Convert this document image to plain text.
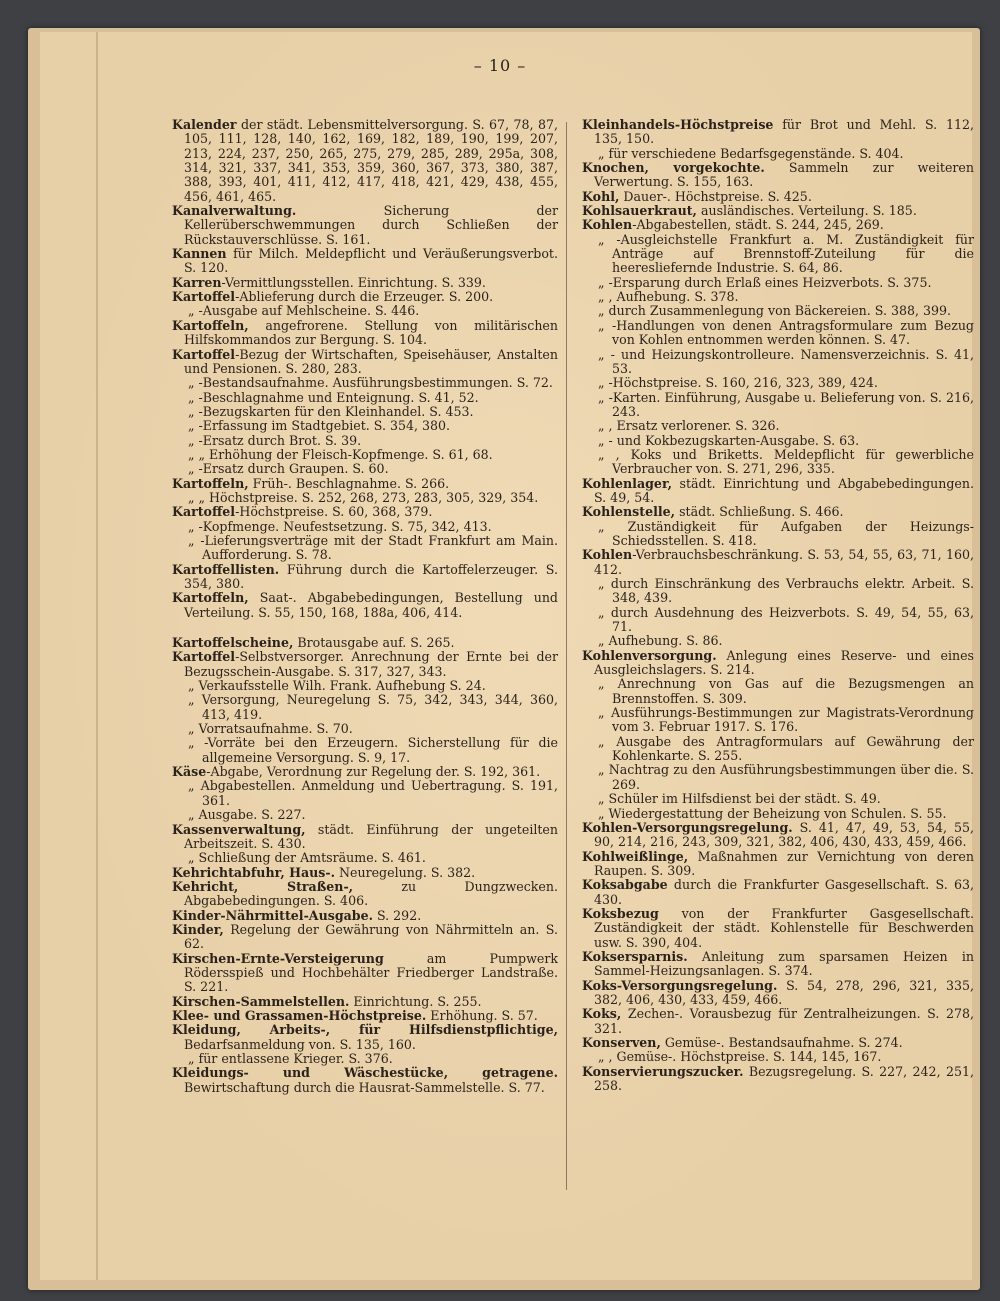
– 10 –
Kalender der städt. Lebensmittelversorgung. S. 67, 78, 87, 105, 111, 128, 140, 162, 169, 182, 189, 190, 199, 207, 213, 224, 237, 250, 265, 275, 279, 285, 289, 295a, 308, 314, 321, 337, 341, 353, 359, 360, 367, 373, 380, 387, 388, 393, 401, 411, 412, 417, 418, 421, 429, 438, 455, 456, 461, 465.
Kanalverwaltung. Sicherung der Kellerüberschwemmungen durch Schließen der Rückstauverschlüsse. S. 161.
Kannen für Milch. Meldepflicht und Veräußerungsverbot. S. 120.
Karren-Vermittlungsstellen. Einrichtung. S. 339.
Kartoffel-Ablieferung durch die Erzeuger. S. 200.
„ -Ausgabe auf Mehlscheine. S. 446.
Kartoffeln, angefrorene. Stellung von militärischen Hilfskommandos zur Bergung. S. 104.
Kartoffel-Bezug der Wirtschaften, Speisehäuser, Anstalten und Pensionen. S. 280, 283.
„ -Bestandsaufnahme. Ausführungsbestimmungen. S. 72.
„ -Beschlagnahme und Enteignung. S. 41, 52.
„ -Bezugskarten für den Kleinhandel. S. 453.
„ -Erfassung im Stadtgebiet. S. 354, 380.
„ -Ersatz durch Brot. S. 39.
„ „ Erhöhung der Fleisch-Kopfmenge. S. 61, 68.
„ -Ersatz durch Graupen. S. 60.
Kartoffeln, Früh-. Beschlagnahme. S. 266.
„ „ Höchstpreise. S. 252, 268, 273, 283, 305, 329, 354.
Kartoffel-Höchstpreise. S. 60, 368, 379.
„ -Kopfmenge. Neufestsetzung. S. 75, 342, 413.
„ -Lieferungsverträge mit der Stadt Frankfurt am Main. Aufforderung. S. 78.
Kartoffellisten. Führung durch die Kartoffelerzeuger. S. 354, 380.
Kartoffeln, Saat-. Abgabebedingungen, Bestellung und Verteilung. S. 55, 150, 168, 188a, 406, 414.
Kartoffelscheine, Brotausgabe auf. S. 265.
Kartoffel-Selbstversorger. Anrechnung der Ernte bei der Bezugsschein-Ausgabe. S. 317, 327, 343.
„ Verkaufsstelle Wilh. Frank. Aufhebung S. 24.
„ Versorgung, Neuregelung S. 75, 342, 343, 344, 360, 413, 419.
„ Vorratsaufnahme. S. 70.
„ -Vorräte bei den Erzeugern. Sicherstellung für die allgemeine Versorgung. S. 9, 17.
Käse-Abgabe, Verordnung zur Regelung der. S. 192, 361.
„ Abgabestellen. Anmeldung und Uebertragung. S. 191, 361.
„ Ausgabe. S. 227.
Kassenverwaltung, städt. Einführung der ungeteilten Arbeitszeit. S. 430.
„ Schließung der Amtsräume. S. 461.
Kehrichtabfuhr, Haus-. Neuregelung. S. 382.
Kehricht, Straßen-, zu Dungzwecken. Abgabebedingungen. S. 406.
Kinder-Nährmittel-Ausgabe. S. 292.
Kinder, Regelung der Gewährung von Nährmitteln an. S. 62.
Kirschen-Ernte-Versteigerung am Pumpwerk Rödersspieß und Hochbehälter Friedberger Landstraße. S. 221.
Kirschen-Sammelstellen. Einrichtung. S. 255.
Klee- und Grassamen-Höchstpreise. Erhöhung. S. 57.
Kleidung, Arbeits-, für Hilfsdienstpflichtige, Bedarfsanmeldung von. S. 135, 160.
„ für entlassene Krieger. S. 376.
Kleidungs- und Wäschestücke, getragene. Bewirtschaftung durch die Hausrat-Sammelstelle. S. 77.
Kleinhandels-Höchstpreise für Brot und Mehl. S. 112, 135, 150.
„ für verschiedene Bedarfsgegenstände. S. 404.
Knochen, vorgekochte. Sammeln zur weiteren Verwertung. S. 155, 163.
Kohl, Dauer-. Höchstpreise. S. 425.
Kohlsauerkraut, ausländisches. Verteilung. S. 185.
Kohlen-Abgabestellen, städt. S. 244, 245, 269.
„ -Ausgleichstelle Frankfurt a. M. Zuständigkeit für Anträge auf Brennstoff-Zuteilung für die heeresliefernde Industrie. S. 64, 86.
„ -Ersparung durch Erlaß eines Heizverbots. S. 375.
„ , Aufhebung. S. 378.
„ durch Zusammenlegung von Bäckereien. S. 388, 399.
„ -Handlungen von denen Antragsformulare zum Bezug von Kohlen entnommen werden können. S. 47.
„ - und Heizungskontrolleure. Namensverzeichnis. S. 41, 53.
„ -Höchstpreise. S. 160, 216, 323, 389, 424.
„ -Karten. Einführung, Ausgabe u. Belieferung von. S. 216, 243.
„ , Ersatz verlorener. S. 326.
„ - und Kokbezugskarten-Ausgabe. S. 63.
„ , Koks und Briketts. Meldepflicht für gewerbliche Verbraucher von. S. 271, 296, 335.
Kohlenlager, städt. Einrichtung und Abgabebedingungen. S. 49, 54.
Kohlenstelle, städt. Schließung. S. 466.
„ Zuständigkeit für Aufgaben der Heizungs-Schiedsstellen. S. 418.
Kohlen-Verbrauchsbeschränkung. S. 53, 54, 55, 63, 71, 160, 412.
„ durch Einschränkung des Verbrauchs elektr. Arbeit. S. 348, 439.
„ durch Ausdehnung des Heizverbots. S. 49, 54, 55, 63, 71.
„ Aufhebung. S. 86.
Kohlenversorgung. Anlegung eines Reserve- und eines Ausgleichslagers. S. 214.
„ Anrechnung von Gas auf die Bezugsmengen an Brennstoffen. S. 309.
„ Ausführungs-Bestimmungen zur Magistrats-Verordnung vom 3. Februar 1917. S. 176.
„ Ausgabe des Antragformulars auf Gewährung der Kohlenkarte. S. 255.
„ Nachtrag zu den Ausführungsbestimmungen über die. S. 269.
„ Schüler im Hilfsdienst bei der städt. S. 49.
„ Wiedergestattung der Beheizung von Schulen. S. 55.
Kohlen-Versorgungsregelung. S. 41, 47, 49, 53, 54, 55, 90, 214, 216, 243, 309, 321, 382, 406, 430, 433, 459, 466.
Kohlweißlinge, Maßnahmen zur Vernichtung von deren Raupen. S. 309.
Koksabgabe durch die Frankfurter Gasgesellschaft. S. 63, 430.
Koksbezug von der Frankfurter Gasgesellschaft. Zuständigkeit der städt. Kohlenstelle für Beschwerden usw. S. 390, 404.
Koksersparnis. Anleitung zum sparsamen Heizen in Sammel-Heizungsanlagen. S. 374.
Koks-Versorgungsregelung. S. 54, 278, 296, 321, 335, 382, 406, 430, 433, 459, 466.
Koks, Zechen-. Vorausbezug für Zentralheizungen. S. 278, 321.
Konserven, Gemüse-. Bestandsaufnahme. S. 274.
„ , Gemüse-. Höchstpreise. S. 144, 145, 167.
Konservierungszucker. Bezugsregelung. S. 227, 242, 251, 258.
